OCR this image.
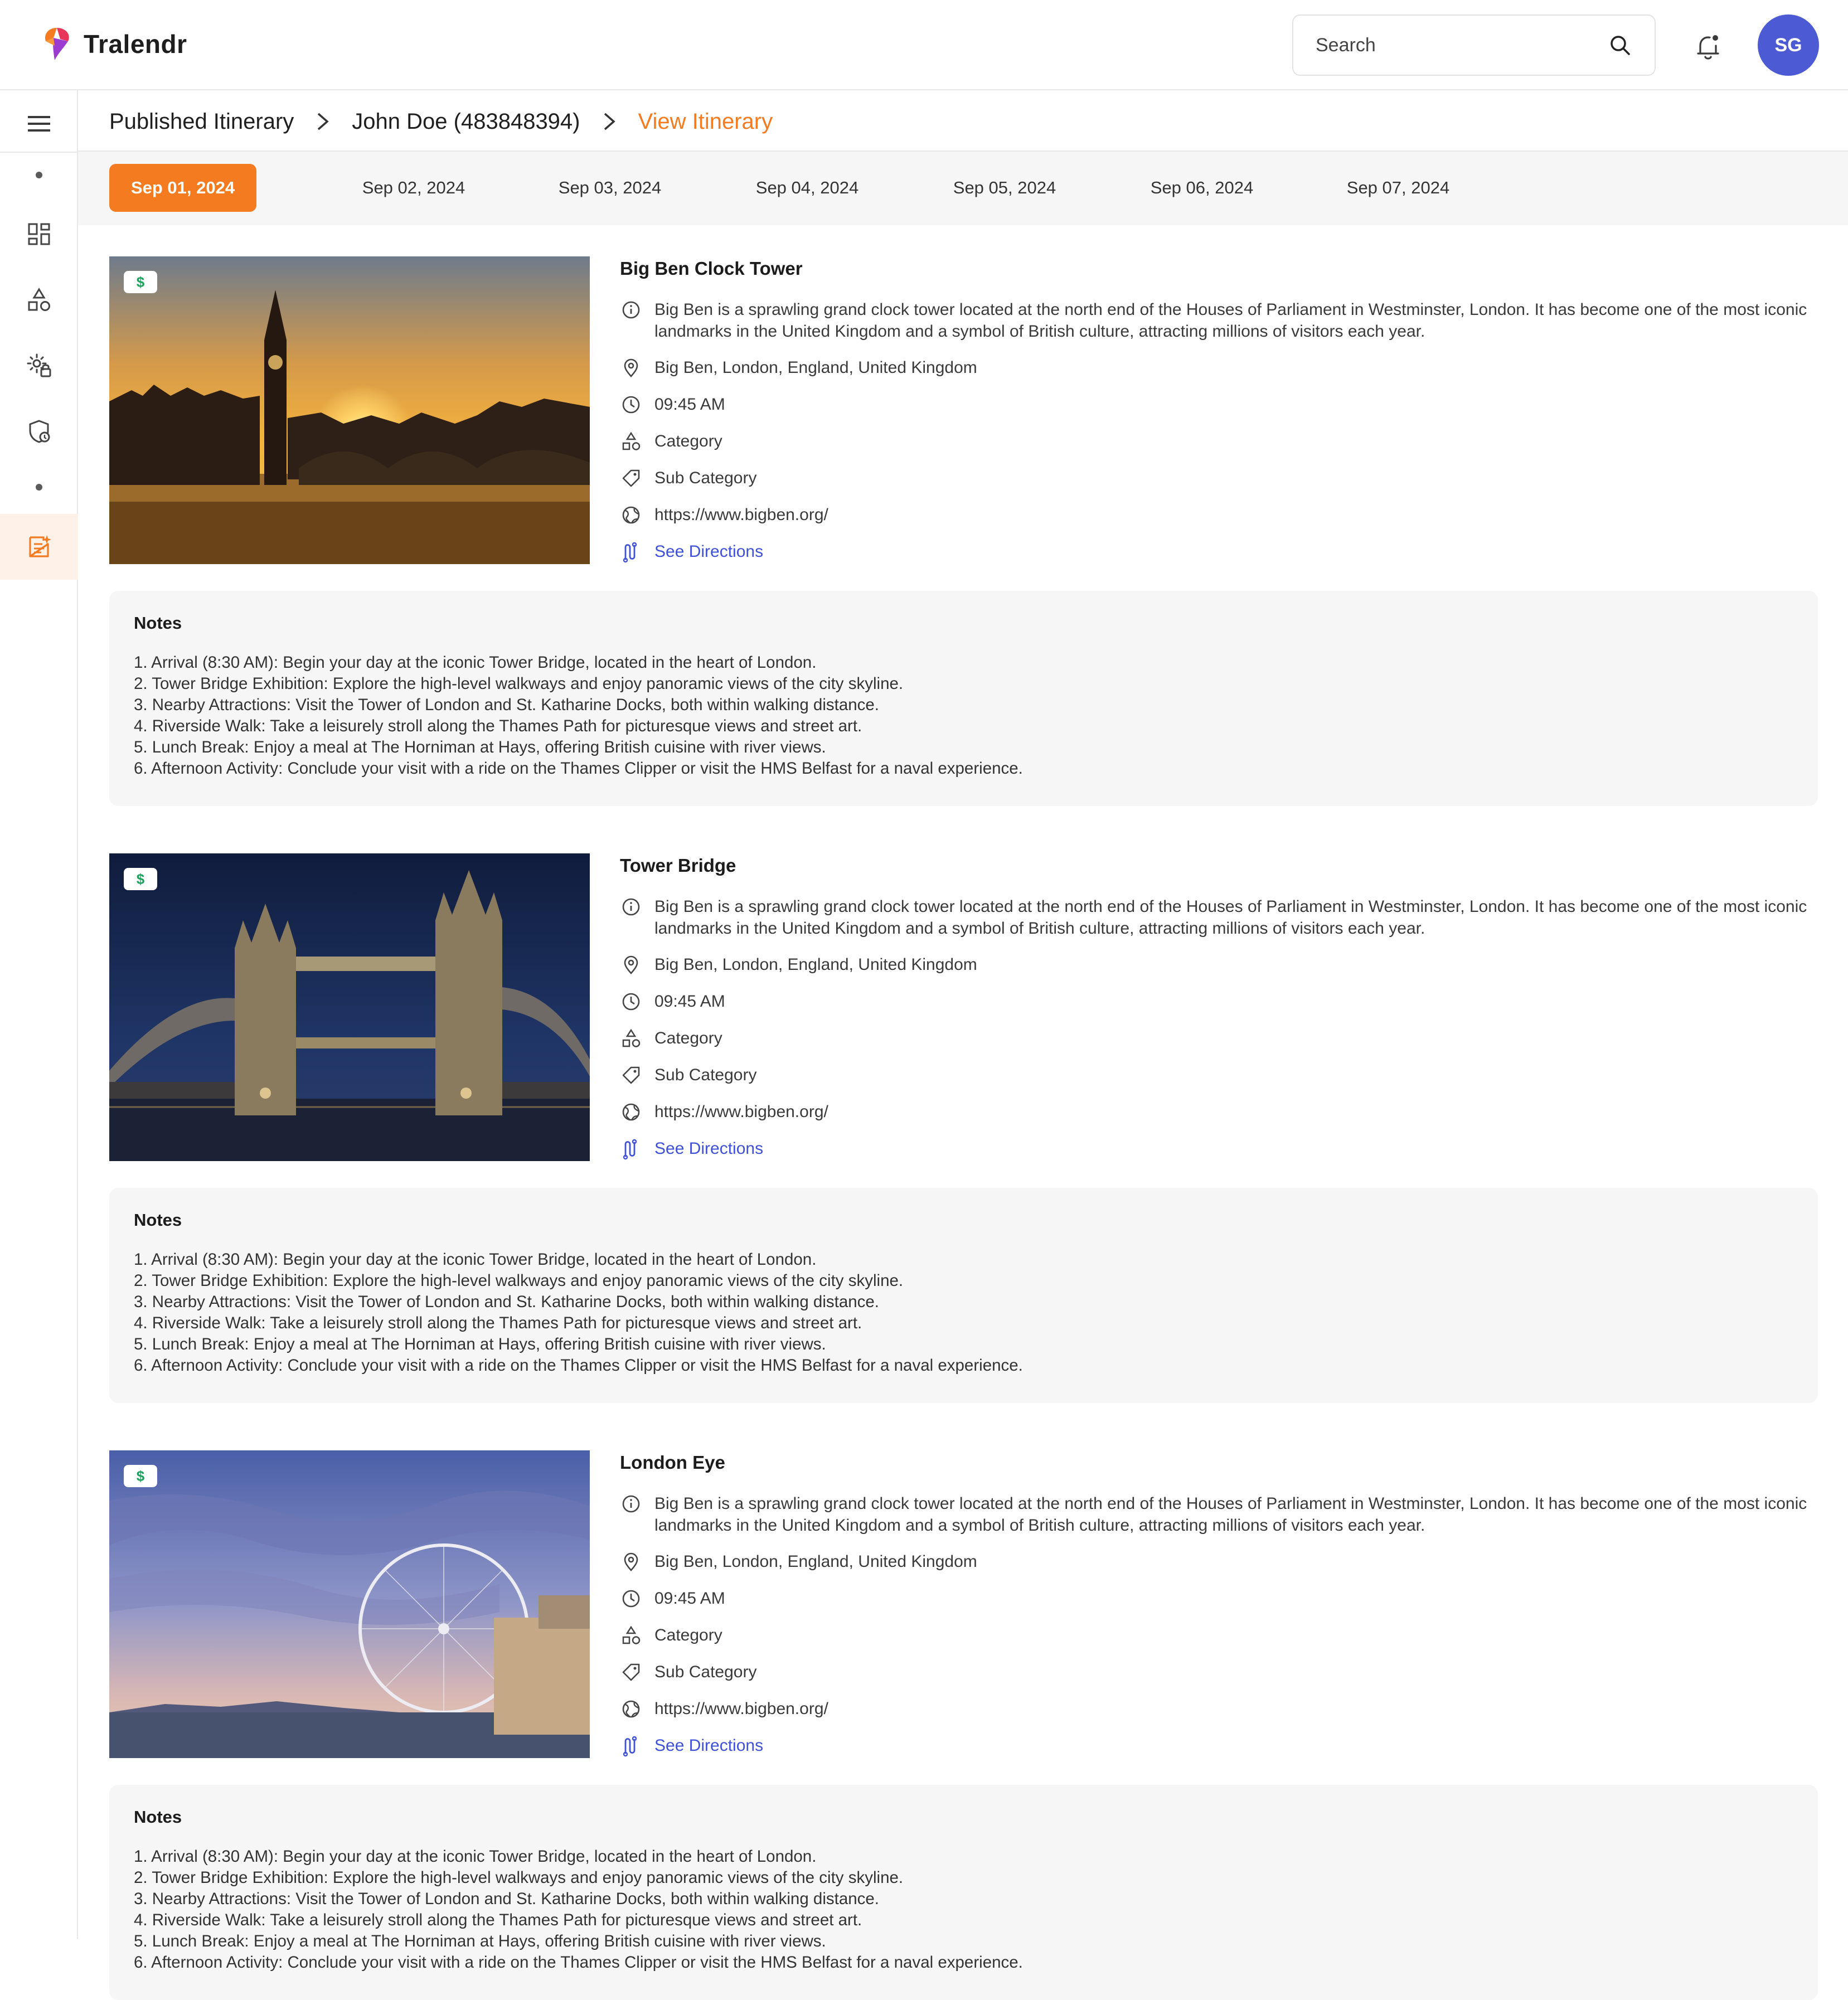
Tralendr
Search	SG
Published Itinerary	John Doe (483848394)	View Itinerary
Sep 01, 2024	Sep 02, 2024	Sep 03, 2024	Sep 04, 2024	Sep 05, 2024	Sep 06, 2024	Sep 07, 2024
$
Big Ben Clock Tower
Big Ben is a sprawling grand clock tower located at the north end of the Houses of Parliament in Westminster, London. It has become one of the most iconic landmarks in the United Kingdom and a symbol of British culture, attracting millions of visitors each year.
Big Ben, London, England, United Kingdom
09:45 AM
Category
Sub Category
https://www.bigben.org/
See Directions
Notes

1. Arrival (8:30 AM): Begin your day at the iconic Tower Bridge, located in the heart of London.

2. Tower Bridge Exhibition: Explore the high-level walkways and enjoy panoramic views of the city skyline.

3. Nearby Attractions: Visit the Tower of London and St. Katharine Docks, both within walking distance.

4. Riverside Walk: Take a leisurely stroll along the Thames Path for picturesque views and street art.

5. Lunch Break: Enjoy a meal at The Horniman at Hays, offering British cuisine with river views.

6. Afternoon Activity: Conclude your visit with a ride on the Thames Clipper or visit the HMS Belfast for a naval experience.

$
Tower Bridge
Big Ben is a sprawling grand clock tower located at the north end of the Houses of Parliament in Westminster, London. It has become one of the most iconic landmarks in the United Kingdom and a symbol of British culture, attracting millions of visitors each year.
Big Ben, London, England, United Kingdom
09:45 AM
Category
Sub Category
https://www.bigben.org/
See Directions
Notes

1. Arrival (8:30 AM): Begin your day at the iconic Tower Bridge, located in the heart of London.

2. Tower Bridge Exhibition: Explore the high-level walkways and enjoy panoramic views of the city skyline.

3. Nearby Attractions: Visit the Tower of London and St. Katharine Docks, both within walking distance.

4. Riverside Walk: Take a leisurely stroll along the Thames Path for picturesque views and street art.

5. Lunch Break: Enjoy a meal at The Horniman at Hays, offering British cuisine with river views.

6. Afternoon Activity: Conclude your visit with a ride on the Thames Clipper or visit the HMS Belfast for a naval experience.

$
London Eye
Big Ben is a sprawling grand clock tower located at the north end of the Houses of Parliament in Westminster, London. It has become one of the most iconic landmarks in the United Kingdom and a symbol of British culture, attracting millions of visitors each year.
Big Ben, London, England, United Kingdom
09:45 AM
Category
Sub Category
https://www.bigben.org/
See Directions
Notes

1. Arrival (8:30 AM): Begin your day at the iconic Tower Bridge, located in the heart of London.

2. Tower Bridge Exhibition: Explore the high-level walkways and enjoy panoramic views of the city skyline.

3. Nearby Attractions: Visit the Tower of London and St. Katharine Docks, both within walking distance.

4. Riverside Walk: Take a leisurely stroll along the Thames Path for picturesque views and street art.

5. Lunch Break: Enjoy a meal at The Horniman at Hays, offering British cuisine with river views.

6. Afternoon Activity: Conclude your visit with a ride on the Thames Clipper or visit the HMS Belfast for a naval experience.
